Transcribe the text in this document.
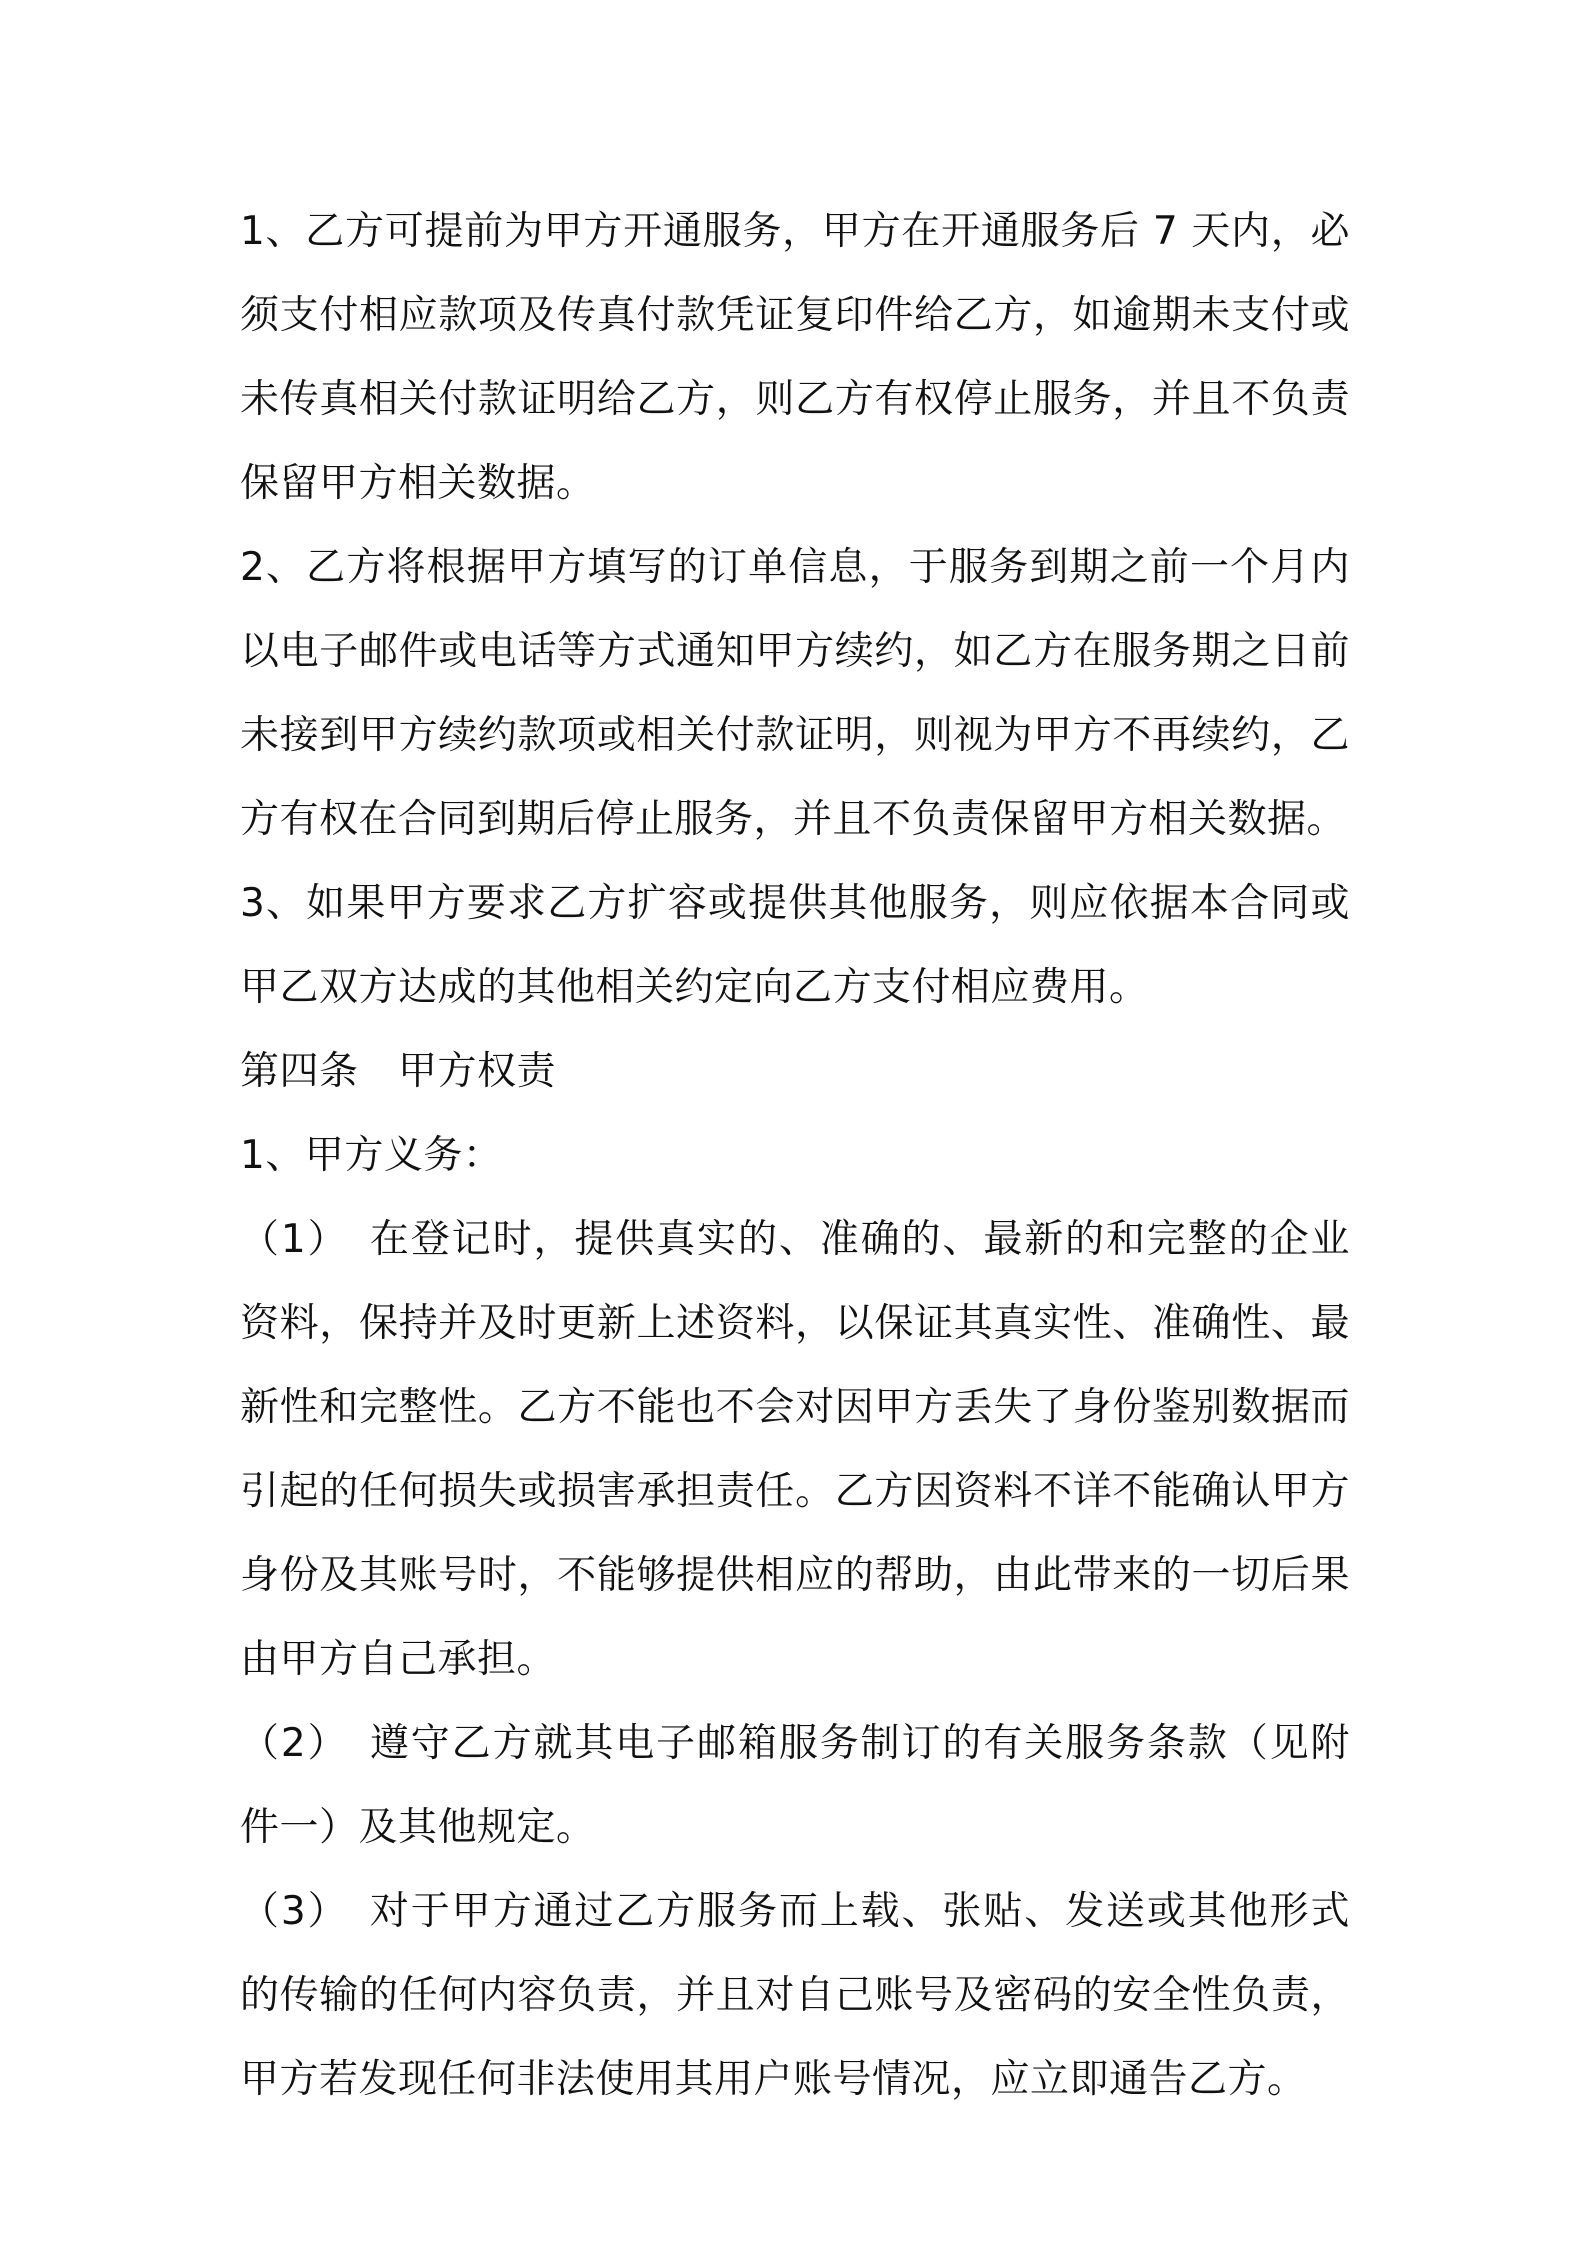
1、乙方可提前为甲方开通服务，甲方在开通服务后 7 天内，必须支付相应款项及传真付款凭证复印件给乙方，如逾期未支付或未传真相关付款证明给乙方，则乙方有权停止服务，并且不负责保留甲方相关数据。

2、乙方将根据甲方填写的订单信息，于服务到期之前一个月内以电子邮件或电话等方式通知甲方续约，如乙方在服务期之日前未接到甲方续约款项或相关付款证明，则视为甲方不再续约，乙方有权在合同到期后停止服务，并且不负责保留甲方相关数据。

3、如果甲方要求乙方扩容或提供其他服务，则应依据本合同或甲乙双方达成的其他相关约定向乙方支付相应费用。

第四条　甲方权责

1、甲方义务：

（1）　在登记时，提供真实的、准确的、最新的和完整的企业资料，保持并及时更新上述资料，以保证其真实性、准确性、最新性和完整性。乙方不能也不会对因甲方丢失了身份鉴别数据而引起的任何损失或损害承担责任。乙方因资料不详不能确认甲方身份及其账号时，不能够提供相应的帮助，由此带来的一切后果由甲方自己承担。

（2）　遵守乙方就其电子邮箱服务制订的有关服务条款（见附件一）及其他规定。

（3）　对于甲方通过乙方服务而上载、张贴、发送或其他形式的传输的任何内容负责，并且对自己账号及密码的安全性负责，甲方若发现任何非法使用其用户账号情况，应立即通告乙方。
